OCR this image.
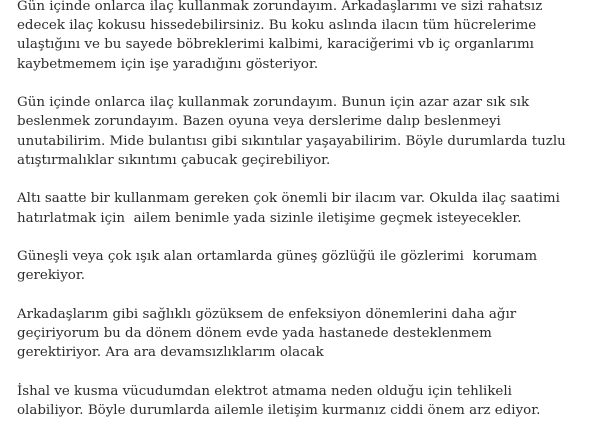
Gün içinde onlarca ilaç kullanmak zorundayım. Arkadaşlarımı ve sizi rahatsız
edecek ilaç kokusu hissedebilirsiniz. Bu koku aslında ilacın tüm hücrelerime
ulaştığını ve bu sayede böbreklerimi kalbimi, karaciğerimi vb iç organlarımı
kaybetmemem için işe yaradığını gösteriyor.

Gün içinde onlarca ilaç kullanmak zorundayım. Bunun için azar azar sık sık
beslenmek zorundayım. Bazen oyuna veya derslerime dalıp beslenmeyi
unutabilirim. Mide bulantısı gibi sıkıntılar yaşayabilirim. Böyle durumlarda tuzlu
atıştırmalıklar sıkıntımı çabucak geçirebiliyor.

Altı saatte bir kullanmam gereken çok önemli bir ilacım var. Okulda ilaç saatimi
hatırlatmak için  ailem benimle yada sizinle iletişime geçmek isteyecekler.

Güneşli veya çok ışık alan ortamlarda güneş gözlüğü ile gözlerimi  korumam
gerekiyor.

Arkadaşlarım gibi sağlıklı gözüksem de enfeksiyon dönemlerini daha ağır
geçiriyorum bu da dönem dönem evde yada hastanede desteklenmem
gerektiriyor. Ara ara devamsızlıklarım olacak

İshal ve kusma vücudumdan elektrot atmama neden olduğu için tehlikeli
olabiliyor. Böyle durumlarda ailemle iletişim kurmanız ciddi önem arz ediyor.
